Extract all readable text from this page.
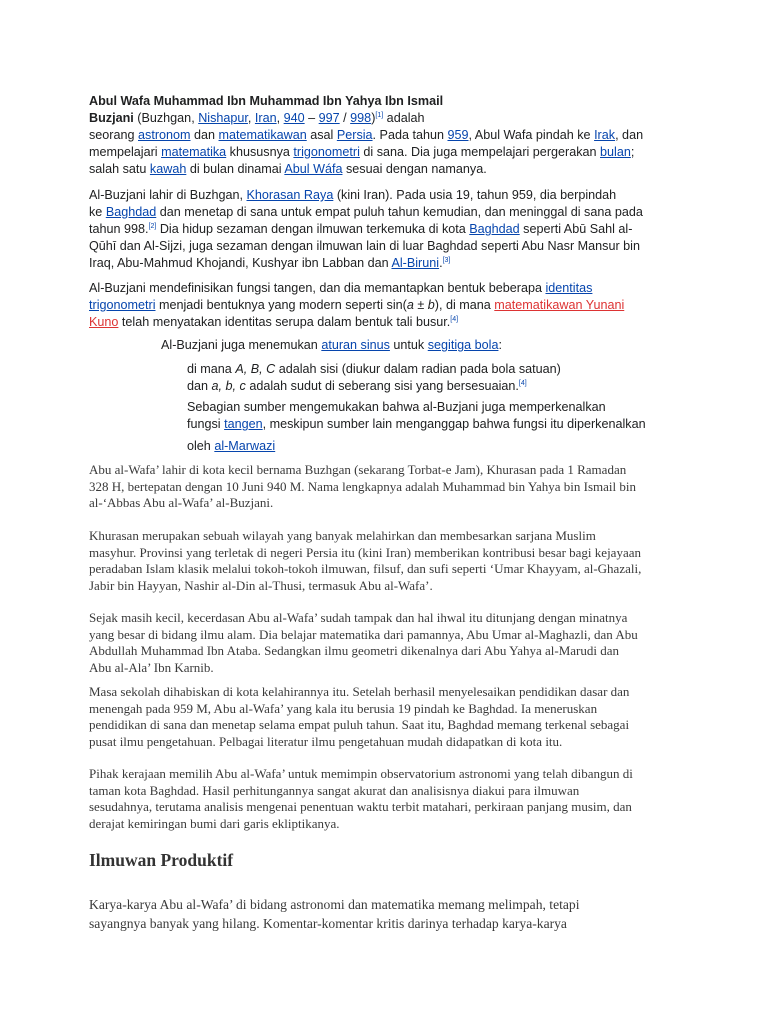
Abul Wafa Muhammad Ibn Muhammad Ibn Yahya Ibn Ismail
Buzjani (Buzhgan, Nishapur, Iran, 940 – 997 / 998)[1] adalah
seorang astronom dan matematikawan asal Persia. Pada tahun 959, Abul Wafa pindah ke Irak, dan
mempelajari matematika khususnya trigonometri di sana. Dia juga mempelajari pergerakan bulan;
salah satu kawah di bulan dinamai Abul Wáfa sesuai dengan namanya.
Al-Buzjani lahir di Buzhgan, Khorasan Raya (kini Iran). Pada usia 19, tahun 959, dia berpindah
ke Baghdad dan menetap di sana untuk empat puluh tahun kemudian, dan meninggal di sana pada
tahun 998.[2] Dia hidup sezaman dengan ilmuwan terkemuka di kota Baghdad seperti Abū Sahl al-
Qūhī dan Al-Sijzi, juga sezaman dengan ilmuwan lain di luar Baghdad seperti Abu Nasr Mansur bin
Iraq, Abu-Mahmud Khojandi, Kushyar ibn Labban dan Al-Biruni.[3]
Al-Buzjani mendefinisikan fungsi tangen, dan dia memantapkan bentuk beberapa identitas
trigonometri menjadi bentuknya yang modern seperti sin(a ± b), di mana matematikawan Yunani
Kuno telah menyatakan identitas serupa dalam bentuk tali busur.[4]
Al-Buzjani juga menemukan aturan sinus untuk segitiga bola:
di mana A, B, C adalah sisi (diukur dalam radian pada bola satuan)
dan a, b, c adalah sudut di seberang sisi yang bersesuaian.[4]
Sebagian sumber mengemukakan bahwa al-Buzjani juga memperkenalkan
fungsi tangen, meskipun sumber lain menganggap bahwa fungsi itu diperkenalkan
oleh al-Marwazi
Abu al-Wafa’ lahir di kota kecil bernama Buzhgan (sekarang Torbat-e Jam), Khurasan pada 1 Ramadan
328 H, bertepatan dengan 10 Juni 940 M. Nama lengkapnya adalah Muhammad bin Yahya bin Ismail bin
al-‘Abbas Abu al-Wafa’ al-Buzjani.
Khurasan merupakan sebuah wilayah yang banyak melahirkan dan membesarkan sarjana Muslim
masyhur. Provinsi yang terletak di negeri Persia itu (kini Iran) memberikan kontribusi besar bagi kejayaan
peradaban Islam klasik melalui tokoh-tokoh ilmuwan, filsuf, dan sufi seperti ‘Umar Khayyam, al-Ghazali,
Jabir bin Hayyan, Nashir al-Din al-Thusi, termasuk Abu al-Wafa’.
Sejak masih kecil, kecerdasan Abu al-Wafa’ sudah tampak dan hal ihwal itu ditunjang dengan minatnya
yang besar di bidang ilmu alam. Dia belajar matematika dari pamannya, Abu Umar al-Maghazli, dan Abu
Abdullah Muhammad Ibn Ataba. Sedangkan ilmu geometri dikenalnya dari Abu Yahya al-Marudi dan
Abu al-Ala’ Ibn Karnib.
Masa sekolah dihabiskan di kota kelahirannya itu. Setelah berhasil menyelesaikan pendidikan dasar dan
menengah pada 959 M, Abu al-Wafa’ yang kala itu berusia 19 pindah ke Baghdad. Ia meneruskan
pendidikan di sana dan menetap selama empat puluh tahun. Saat itu, Baghdad memang terkenal sebagai
pusat ilmu pengetahuan. Pelbagai literatur ilmu pengetahuan mudah didapatkan di kota itu.
Pihak kerajaan memilih Abu al-Wafa’ untuk memimpin observatorium astronomi yang telah dibangun di
taman kota Baghdad. Hasil perhitungannya sangat akurat dan analisisnya diakui para ilmuwan
sesudahnya, terutama analisis mengenai penentuan waktu terbit matahari, perkiraan panjang musim, dan
derajat kemiringan bumi dari garis ekliptikanya.
Ilmuwan Produktif
Karya-karya Abu al-Wafa’ di bidang astronomi dan matematika memang melimpah, tetapi
sayangnya banyak yang hilang. Komentar-komentar kritis darinya terhadap karya-karya
